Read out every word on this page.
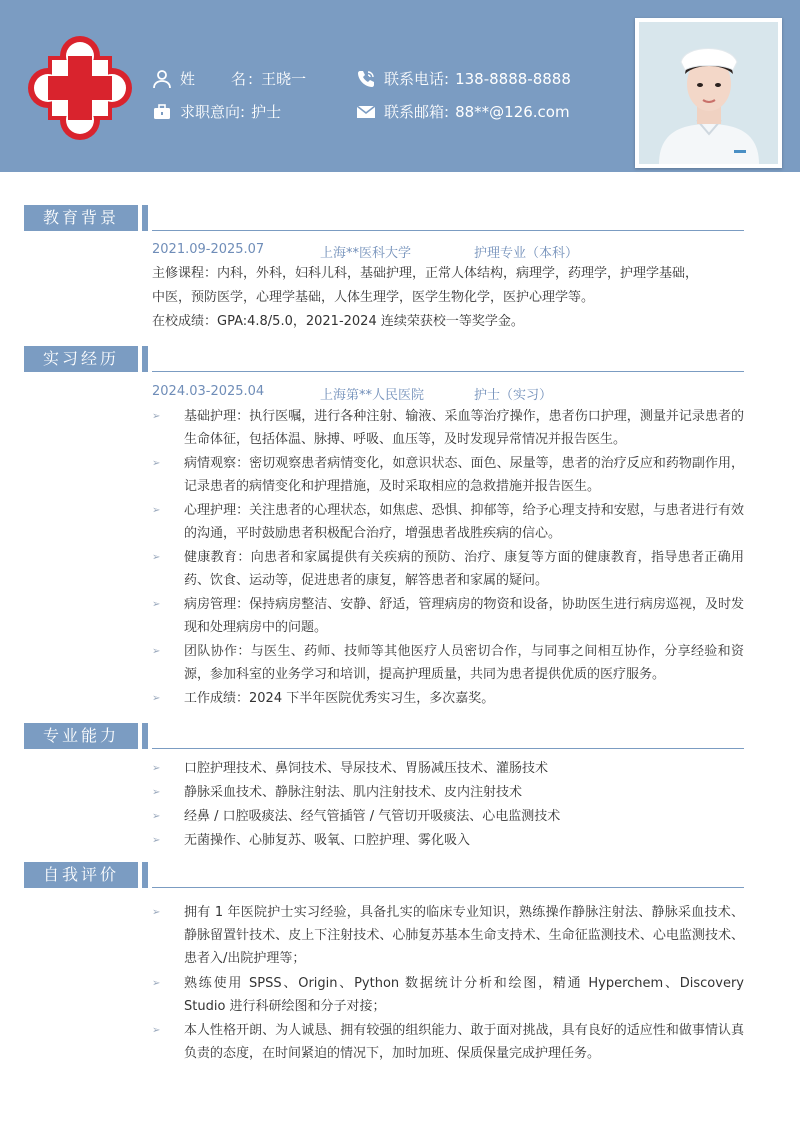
姓 名: 王晓一	联系电话: 138-8888-8888
求职意向: 护士	联系邮箱: 88**@126.com
教育背景
2021.09-2025.07	上海**医科大学	护理专业（本科）
主修课程：内科，外科，妇科儿科，基础护理，正常人体结构，病理学，药理学，护理学基础，
中医，预防医学，心理学基础，人体生理学，医学生物化学，医护心理学等。
在校成绩：GPA:4.8/5.0，2021-2024 连续荣获校一等奖学金。
实习经历
2024.03-2025.04	上海第**人民医院	护士（实习）
➢	基础护理：执行医嘱，进行各种注射、输液、采血等治疗操作，患者伤口护理，测量并记录患者的生命体征，包括体温、脉搏、呼吸、血压等，及时发现异常情况并报告医生。
➢	病情观察：密切观察患者病情变化，如意识状态、面色、尿量等，患者的治疗反应和药物副作用，记录患者的病情变化和护理措施，及时采取相应的急救措施并报告医生。
➢	心理护理：关注患者的心理状态，如焦虑、恐惧、抑郁等，给予心理支持和安慰，与患者进行有效的沟通，平时鼓励患者积极配合治疗，增强患者战胜疾病的信心。
➢	健康教育：向患者和家属提供有关疾病的预防、治疗、康复等方面的健康教育，指导患者正确用药、饮食、运动等，促进患者的康复，解答患者和家属的疑问。
➢	病房管理：保持病房整洁、安静、舒适，管理病房的物资和设备，协助医生进行病房巡视，及时发现和处理病房中的问题。
➢	团队协作：与医生、药师、技师等其他医疗人员密切合作，与同事之间相互协作，分享经验和资源，参加科室的业务学习和培训，提高护理质量，共同为患者提供优质的医疗服务。
➢	工作成绩：2024 下半年医院优秀实习生，多次嘉奖。
专业能力
➢	口腔护理技术、鼻饲技术、导尿技术、胃肠减压技术、灌肠技术
➢	静脉采血技术、静脉注射法、肌内注射技术、皮内注射技术
➢	经鼻 / 口腔吸痰法、经气管插管 / 气管切开吸痰法、心电监测技术
➢	无菌操作、心肺复苏、吸氧、口腔护理、雾化吸入
自我评价
➢	拥有 1 年医院护士实习经验，具备扎实的临床专业知识，熟练操作静脉注射法、静脉采血技术、静脉留置针技术、皮上下注射技术、心肺复苏基本生命支持术、生命征监测技术、心电监测技术、患者入/出院护理等；
➢	熟练使用 SPSS、Origin、Python 数据统计分析和绘图，精通 Hyperchem、Discovery Studio 进行科研绘图和分子对接；
➢	本人性格开朗、为人诚恳、拥有较强的组织能力、敢于面对挑战，具有良好的适应性和做事情认真负责的态度，在时间紧迫的情况下，加时加班、保质保量完成护理任务。
